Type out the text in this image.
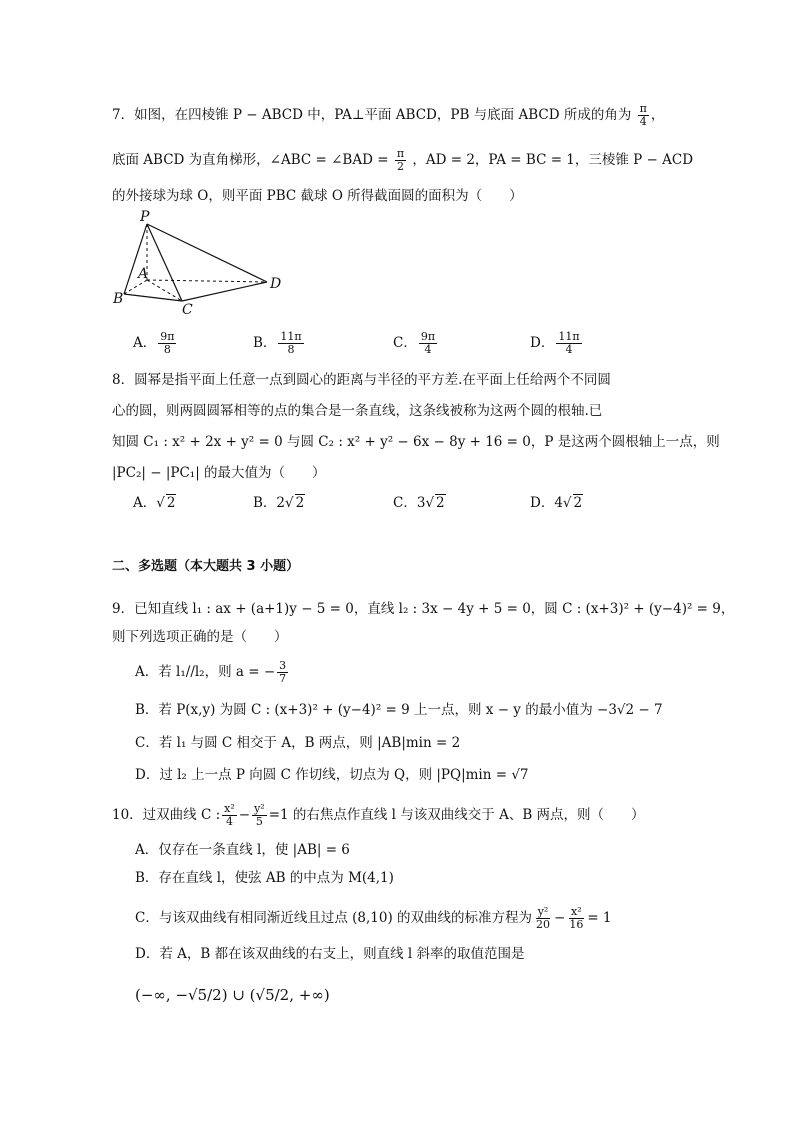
7．如图，在四棱锥 P − ABCD 中，PA⊥平面 ABCD，PB 与底面 ABCD 所成的角为 $\frac{\pi}{4}$ ，
底面 ABCD 为直角梯形，∠ABC = ∠BAD = $\frac{\pi}{2}$ ，AD = 2，PA = BC = 1，三棱锥 P − ACD
的外接球为球 O，则平面 PBC 截球 O 所得截面圆的面积为（　　）
P
A
B
C
D
A． $\frac{9\pi}{8}$	B． $\frac{11\pi}{8}$	C． $\frac{9\pi}{4}$	D． $\frac{11\pi}{4}$
8．圆幂是指平面上任意一点到圆心的距离与半径的平方差.在平面上任给两个不同圆
心的圆，则两圆圆幂相等的点的集合是一条直线，这条线被称为这两个圆的根轴.已
知圆 C₁ : x² + 2x + y² = 0 与圆 C₂ : x² + y² − 6x − 8y + 16 = 0，P 是这两个圆根轴上一点，则
|PC₂| − |PC₁| 的最大值为（　　）
A．√ 2	B．2√ 2	C．3√ 2	D．4√ 2
二、多选题（本大题共 3 小题）
9．已知直线 l₁ : ax + (a+1)y − 5 = 0，直线 l₂ : 3x − 4y + 5 = 0，圆 C : (x+3)² + (y−4)² = 9，
则下列选项正确的是（　　）
A．若 l₁//l₂，则 a = − $\frac{3}{7}$
B．若 P(x,y) 为圆 C : (x+3)² + (y−4)² = 9 上一点，则 x − y 的最小值为 −3√2 − 7
C．若 l₁ 与圆 C 相交于 A，B 两点，则 |AB|min = 2
D．过 l₂ 上一点 P 向圆 C 作切线，切点为 Q，则 |PQ|min = √7
10．过双曲线 C : $\frac{\text{x²}}{4} - \frac{\text{y²}}{5} =1$ 的右焦点作直线 l 与该双曲线交于 A、B 两点，则（　　）
A．仅存在一条直线 l，使 |AB| = 6
B．存在直线 l，使弦 AB 的中点为 M(4,1)
C．与该双曲线有相同渐近线且过点 (8,10) 的双曲线的标准方程为 $\frac{\text{y²}}{20} - \frac{\text{x²}}{16} = 1$
D．若 A，B 都在该双曲线的右支上，则直线 l 斜率的取值范围是
(−∞, −√5/2) ∪ (√5/2, +∞)
